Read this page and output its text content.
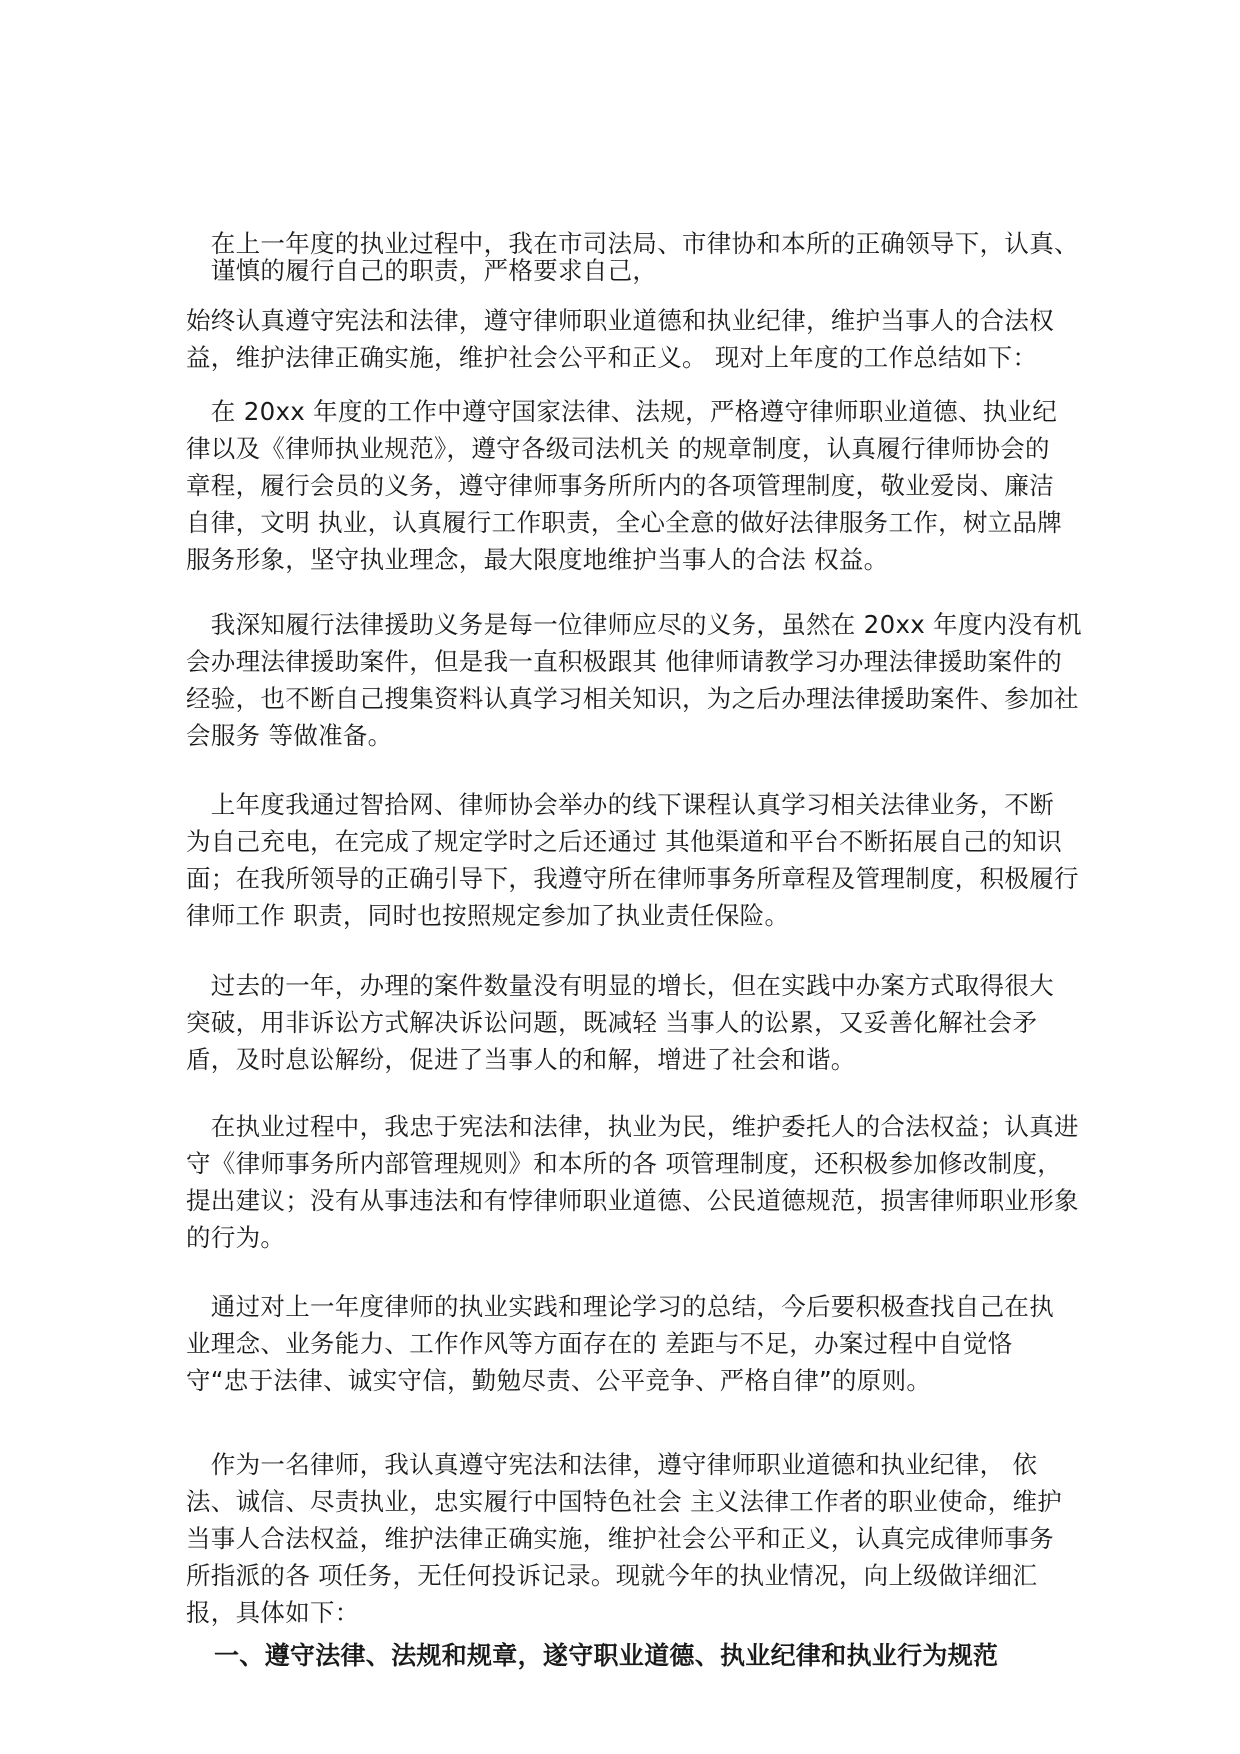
　在上一年度的执业过程中，我在市司法局、市律协和本所的正确领导下，认真、
　谨慎的履行自己的职责，严格要求自己，

始终认真遵守宪法和法律，遵守律师职业道德和执业纪律，维护当事人的合法权
益，维护法律正确实施，维护社会公平和正义。 现对上年度的工作总结如下：

　在 20xx 年度的工作中遵守国家法律、法规，严格遵守律师职业道德、执业纪
律以及《律师执业规范》，遵守各级司法机关 的规章制度，认真履行律师协会的
章程，履行会员的义务，遵守律师事务所所内的各项管理制度，敬业爱岗、廉洁
自律，文明 执业，认真履行工作职责，全心全意的做好法律服务工作，树立品牌
服务形象，坚守执业理念，最大限度地维护当事人的合法 权益。

　我深知履行法律援助义务是每一位律师应尽的义务，虽然在 20xx 年度内没有机
会办理法律援助案件，但是我一直积极跟其 他律师请教学习办理法律援助案件的
经验，也不断自己搜集资料认真学习相关知识，为之后办理法律援助案件、参加社
会服务 等做准备。

　上年度我通过智拾网、律师协会举办的线下课程认真学习相关法律业务，不断
为自己充电，在完成了规定学时之后还通过 其他渠道和平台不断拓展自己的知识
面；在我所领导的正确引导下，我遵守所在律师事务所章程及管理制度，积极履行
律师工作 职责，同时也按照规定参加了执业责任保险。

　过去的一年，办理的案件数量没有明显的增长，但在实践中办案方式取得很大
突破，用非诉讼方式解决诉讼问题，既减轻 当事人的讼累，又妥善化解社会矛
盾，及时息讼解纷，促进了当事人的和解，增进了社会和谐。

　在执业过程中，我忠于宪法和法律，执业为民，维护委托人的合法权益；认真进
守《律师事务所内部管理规则》和本所的各 项管理制度，还积极参加修改制度，
提出建议；没有从事违法和有悖律师职业道德、公民道德规范，损害律师职业形象
的行为。

　通过对上一年度律师的执业实践和理论学习的总结，今后要积极查找自己在执
业理念、业务能力、工作作风等方面存在的 差距与不足，办案过程中自觉恪
守“忠于法律、诚实守信，勤勉尽责、公平竞争、严格自律”的原则。

　作为一名律师，我认真遵守宪法和法律，遵守律师职业道德和执业纪律， 依
法、诚信、尽责执业，忠实履行中国特色社会 主义法律工作者的职业使命，维护
当事人合法权益，维护法律正确实施，维护社会公平和正义，认真完成律师事务
所指派的各 项任务，无任何投诉记录。现就今年的执业情况，向上级做详细汇
报，具体如下：

一、遵守法律、法规和规章，遂守职业道德、执业纪律和执业行为规范
